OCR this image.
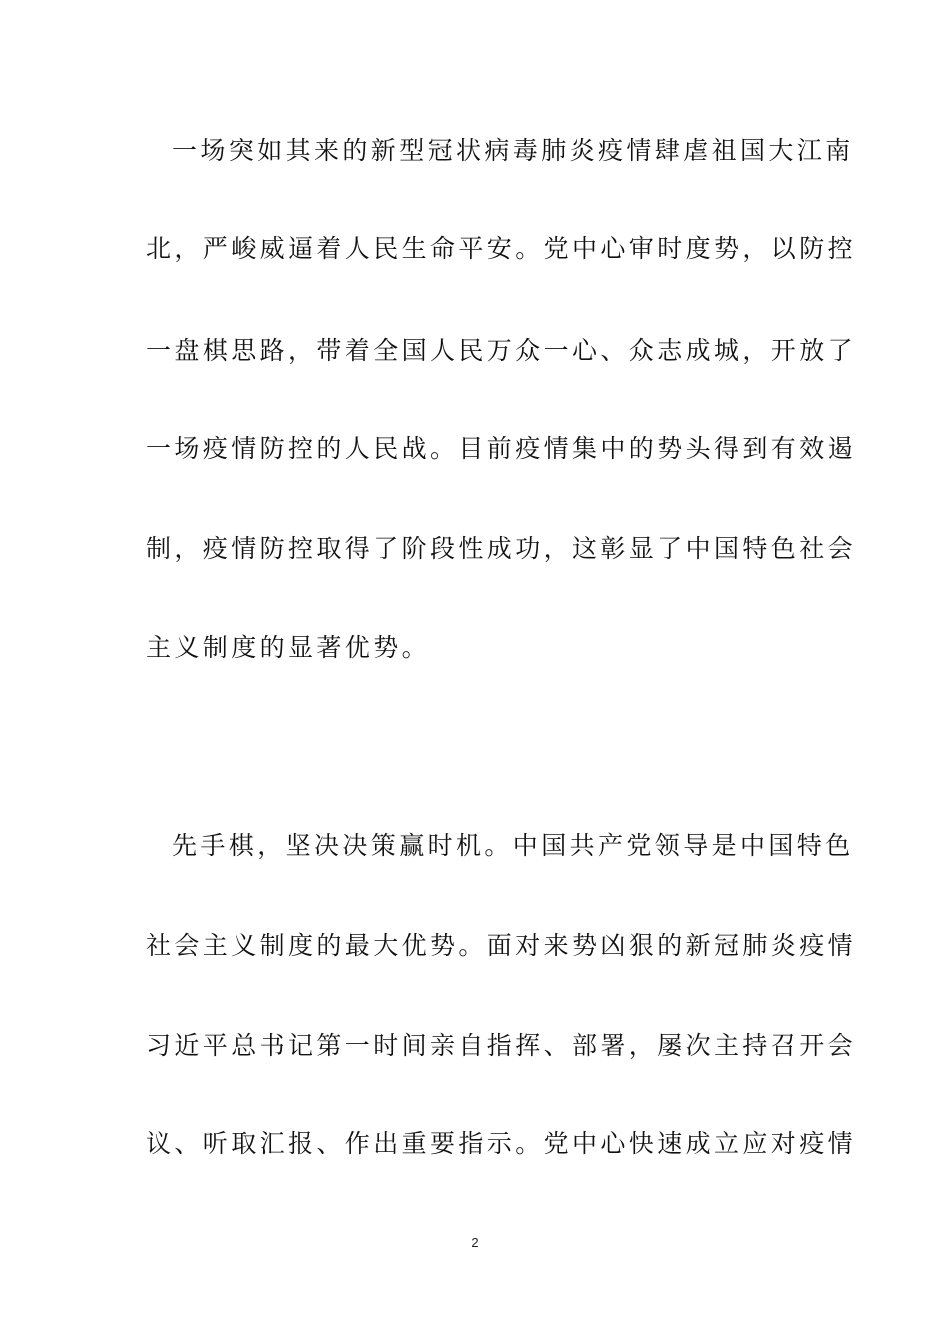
一场突如其来的新型冠状病毒肺炎疫情肆虐祖国大江南
北，严峻威逼着人民生命平安。党中心审时度势，以防控
一盘棋思路，带着全国人民万众一心、众志成城，开放了
一场疫情防控的人民战。目前疫情集中的势头得到有效遏
制，疫情防控取得了阶段性成功，这彰显了中国特色社会
主义制度的显著优势。
先手棋，坚决决策赢时机。中国共产党领导是中国特色
社会主义制度的最大优势。面对来势凶狠的新冠肺炎疫情
习近平总书记第一时间亲自指挥、部署，屡次主持召开会
议、听取汇报、作出重要指示。党中心快速成立应对疫情
2
